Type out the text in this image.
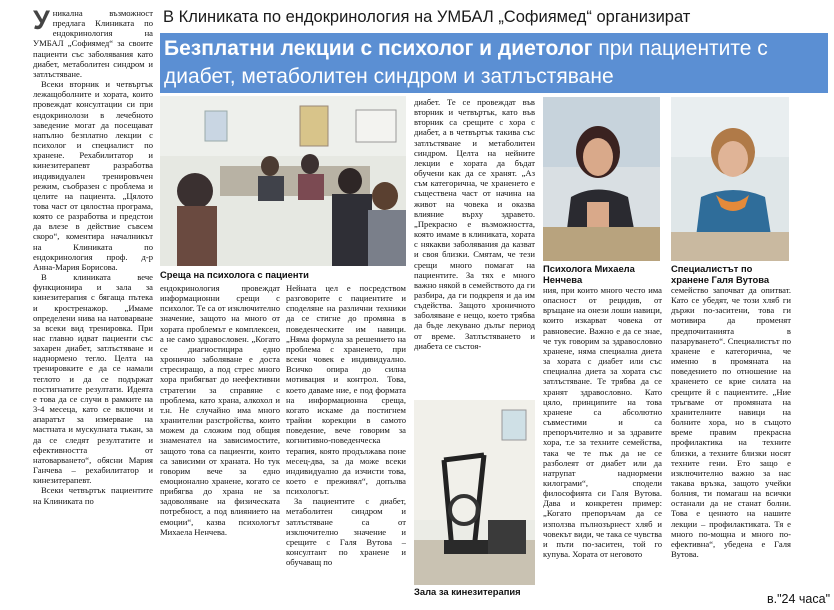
В Клиниката по ендокринология на УМБАЛ „Софиямед“ организират
Безплатни лекции с психолог и диетолог при пациентите с диабет, метаболитен синдром и затлъстяване

Уникална възможност предлага Клиниката по ендокринология на УМБАЛ „Софиямед“ за своите пациенти със заболявания като диабет, метаболитен синдром и затлъстяване.

Всеки вторник и четвъртък лежащоболните и хората, които провеждат консултации си при ендокринолози в лечебното заведение могат да посещават напълно безплатно лекции с психолог и специалист по хранене. Рехабилитатор и кинезитерапевт разработва индивидуален тренировъчен режим, съобразен с проблема и целите на пациента. „Цялото това част от цялостна програма, която се разработва и предстои да влезе в действие съвсем скоро“, коментира началникът на Клиниката по ендокринология проф. д-р Анна-Мария Борисова.

В клиниката вече функционира и зала за кинезитерапия с бягаща пътека и кростренажор. „Имаме определени нива на натоварване за всеки вид тренировка. При нас главно идват пациенти със захарен диабет, затлъстяване и наднормено тегло. Целта на тренировките е да се намали теглото и да се подържат постигнатите резултати. Идеята е това да се случи в рамките на 3-4 месеца, като се включи и апаратът за измерване на мастната и мускулната тъкан, за да се следят резултатите и ефективността от натоварването“, обясни Мария Ганчева – рехабилитатор и кинезитерапевт.

Всеки четвъртък пациентите на Клиниката по

Среща на психолога с пациенти
Психолога Михаела Ненчева
Специалистът по хранене Галя Вутова

ендокринология провеждат информационни срещи с психолог. Те са от изключително значение, защото на много от хората проблемът е комплексен, а не само здравословен. „Когато се диагностицира едно хронично заболяване е доста стресиращо, а под стрес много хора прибягват до неефективни стратегии за справяне с проблема, като храна, алкохол и т.н. Не случайно има много хранителни разстройства, които можем да сложим под общия знаменател на зависимостите, защото това са пациенти, които са зависими от храната. Но тук говорим вече за едно емоционално хранене, когато се прибягва до храна не за задоволяване на физическата потребност, а под влиянието на емоции“, казва психологът Михаела Ненчева.

Нейната цел е посредством разговорите с пациентите и споделяне на различни техники да се стигне до промяна в поведенческите им навици. „Няма формула за решението на проблема с храненето, при всеки човек е индивидуално. Всичко опира до силна мотивация и контрол. Това, което даваме ние, е под формата на информационна среща, когато искаме да постигнем трайни корекции в самото поведение, вече говорим за когнитивно-поведенческа терапия, която продължава поне месец-два, за да може всеки индивидуално да изчисти това, което е преживял“, допълва психологът.

За пациентите с диабет, метаболитен синдром и затлъстяване са от изключително значение и срещите с Галя Вутова – консултант по хранене и обучаващ по

диабет. Те се провеждат във вторник и четвъртък, като във вторник са срещите с хора с диабет, а в четвъртък такива със затлъстяване и метаболитен синдром. Целта на нейните лекции е хората да бъдат обучени как да се хранят. „Аз съм категорична, че храненето е съществена част от начина на живот на човека и оказва влияние върху здравето. „Прекрасно е възможността, която имаме в клиниката, хората с някакви заболявания да казват и своя близки. Смятам, че тези срещи много помагат на пациентите. За тях е много важно някой в семейството да ги разбира, да ги подкрепя и да им съдейства. Защото хроничното заболяване е нещо, което трябва да бъде лекувано дълъг период от време. Затлъстяването и диабета се състоя-

Зала за кинезитерапия

ния, при които много често има опасност от рецидив, от връщане на онези лоши навици, които изкарват човека от равновесие. Важно е да се знае, че тук говорим за здравословно хранене, няма специална диета за хората с диабет или със специална диета за хората със затлъстяване. Те трябва да се хранят здравословно. Като цяло, принципите на това хранене са абсолютно съвместими и са препоръчително и за здравите хора, т.е за техните семейства, така че те пък да не се разболеят от диабет или да натрупат наднормени килограми“, сподели философията си Галя Вутова. Дава и конкретен пример: „Когато препоръчам да се използва пълнозърнест хляб и човекът види, че така се чувства и пъти по-заситен, той го купува. Хората от неговото

семейство започват да опитват. Като се убедят, че този хляб ги държи по-заситени, това ги мотивира да променят предпочитанията в пазаруването“. Специалистът по хранене е категорична, че именно в промяната на поведението по отношение на храненето се крие силата на срещите й с пациентите. „Ние тръгваме от промяната на хранителните навици на болните хора, но в същото време правим прекрасна профилактика на техните близки, а техните близки носят техните гени. Ето защо е изключително важно за нас такава връзка, защото учейки болния, ти помагаш на всички останали да не станат болни. Това е ценното на нашите лекции – профилактиката. Тя е много по-мощна и много по-ефективна“, убедена е Галя Вутова.

в."24 часа"
